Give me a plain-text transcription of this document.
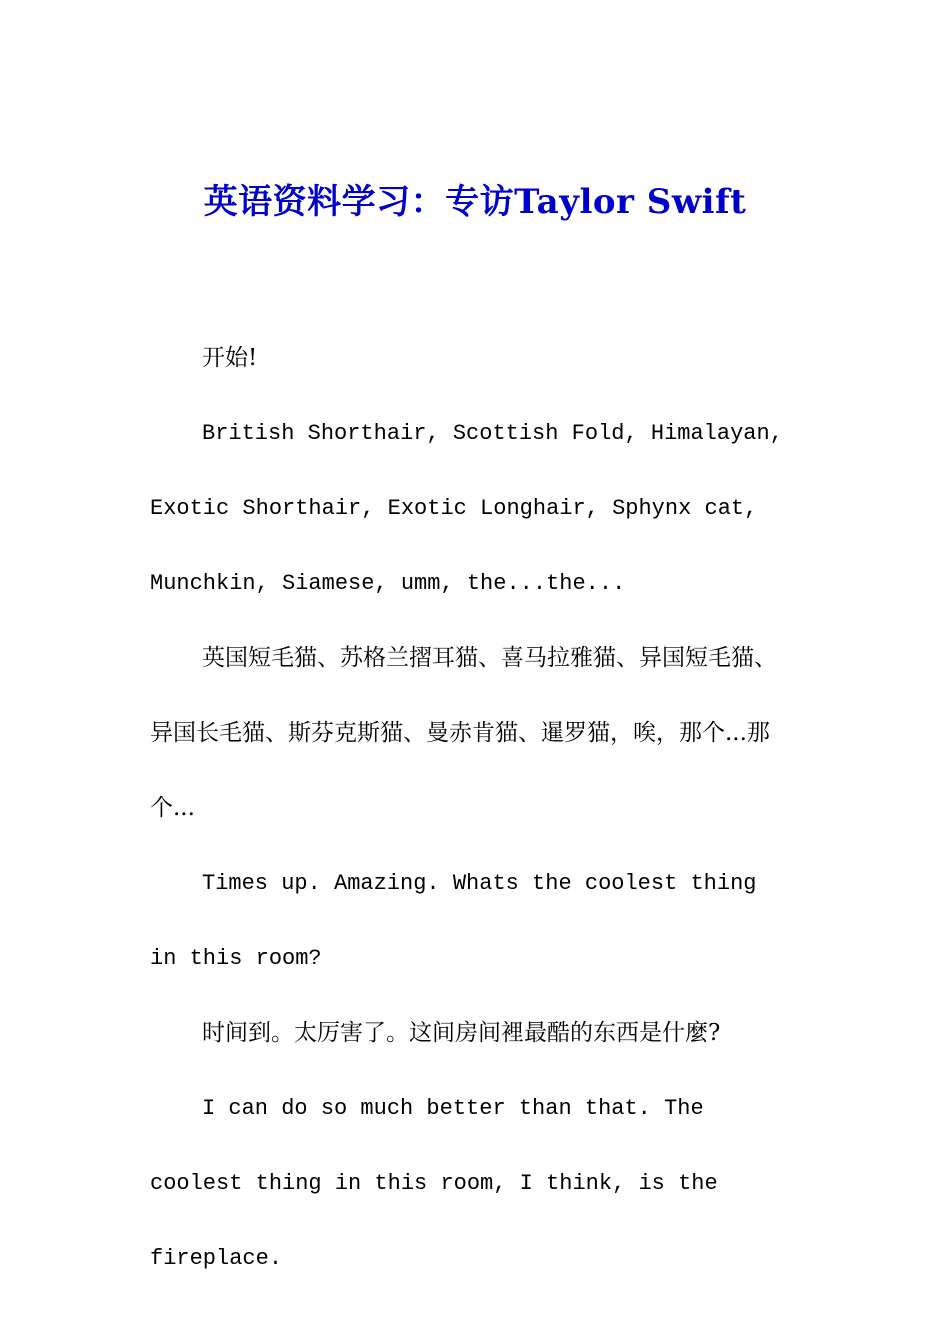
英语资料学习：专访Taylor Swift

开始!

British Shorthair, Scottish Fold, Himalayan, Exotic Shorthair, Exotic Longhair, Sphynx cat, Munchkin, Siamese, umm, the...the...

英国短毛猫、苏格兰摺耳猫、喜马拉雅猫、异国短毛猫、异国长毛猫、斯芬克斯猫、曼赤肯猫、暹罗猫，唉，那个...那个...

Times up. Amazing. Whats the coolest thing in this room?

时间到。太厉害了。这间房间裡最酷的东西是什麼?

I can do so much better than that. The coolest thing in this room, I think, is the fireplace.
